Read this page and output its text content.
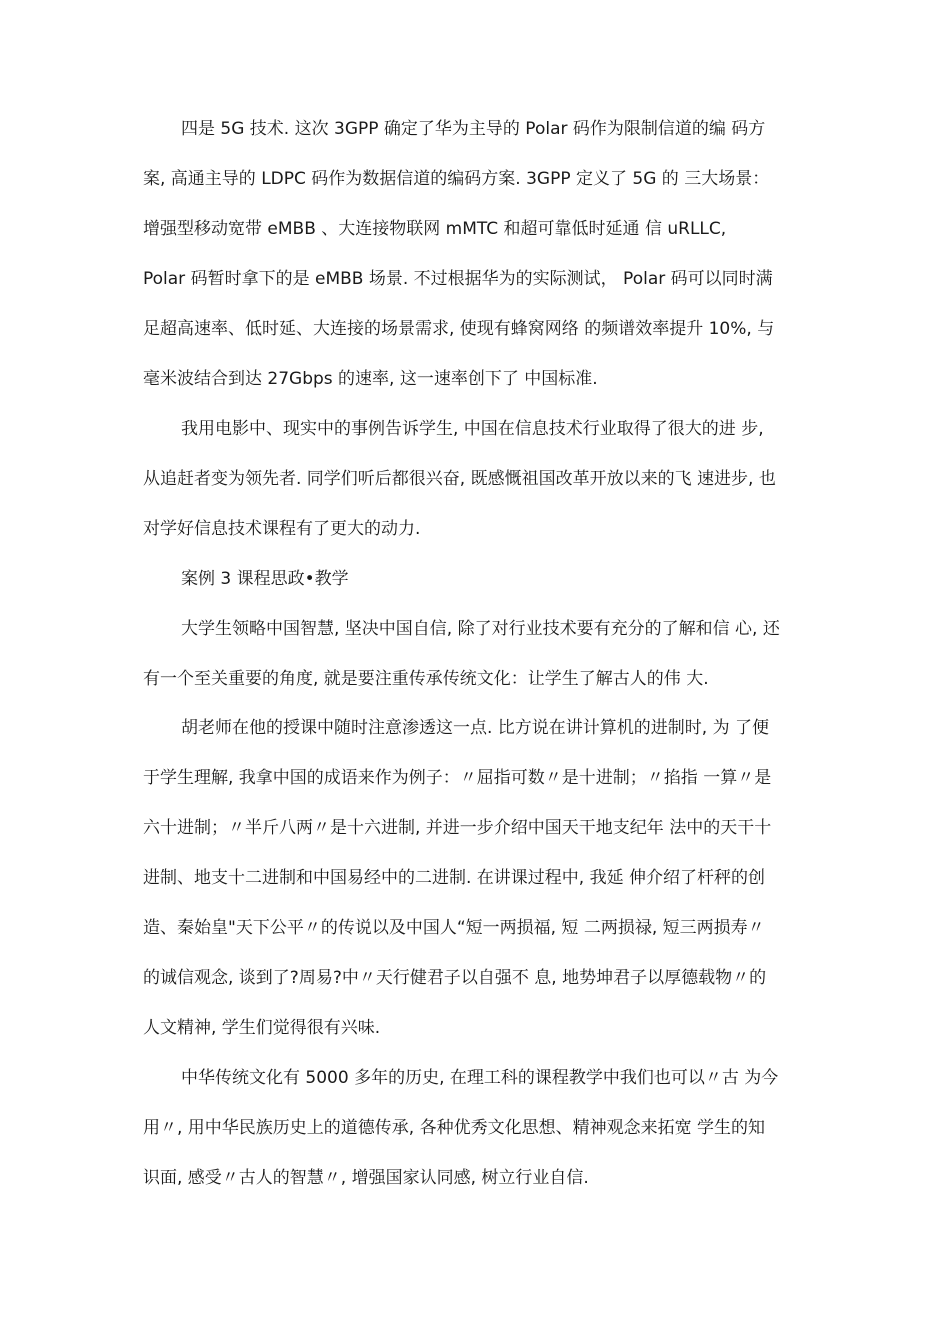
四是 5G 技术. 这次 3GPP 确定了华为主导的 Polar 码作为限制信道的编 码方
案, 高通主导的 LDPC 码作为数据信道的编码方案. 3GPP 定义了 5G 的 三大场景：
增强型移动宽带 eMBB 、大连接物联网 mMTC 和超可靠低时延通 信 uRLLC,
Polar 码暂时拿下的是 eMBB 场景. 不过根据华为的实际测试， Polar 码可以同时满
足超高速率、低时延、大连接的场景需求, 使现有蜂窝网络 的频谱效率提升 10%, 与
毫米波结合到达 27Gbps 的速率, 这一速率创下了 中国标准.
我用电影中、现实中的事例告诉学生, 中国在信息技术行业取得了很大的进 步,
从追赶者变为领先者. 同学们听后都很兴奋, 既感慨祖国改革开放以来的飞 速进步, 也
对学好信息技术课程有了更大的动力.
案例 3 课程思政•教学
大学生领略中国智慧, 坚决中国自信, 除了对行业技术要有充分的了解和信 心, 还
有一个至关重要的角度, 就是要注重传承传统文化：让学生了解古人的伟 大.
胡老师在他的授课中随时注意渗透这一点. 比方说在讲计算机的进制时, 为 了便
于学生理解, 我拿中国的成语来作为例子：〃屈指可数〃是十进制；〃掐指 一算〃是
六十进制；〃半斤八两〃是十六进制, 并进一步介绍中国天干地支纪年 法中的天干十
进制、地支十二进制和中国易经中的二进制. 在讲课过程中, 我延 伸介绍了杆秤的创
造、秦始皇"天下公平〃的传说以及中国人“短一两损福, 短 二两损禄, 短三两损寿〃
的诚信观念, 谈到了?周易?中〃天行健君子以自强不 息, 地势坤君子以厚德载物〃的
人文精神, 学生们觉得很有兴味.
中华传统文化有 5000 多年的历史, 在理工科的课程教学中我们也可以〃古 为今
用〃, 用中华民族历史上的道德传承, 各种优秀文化思想、精神观念来拓宽 学生的知
识面, 感受〃古人的智慧〃, 增强国家认同感, 树立行业自信.
